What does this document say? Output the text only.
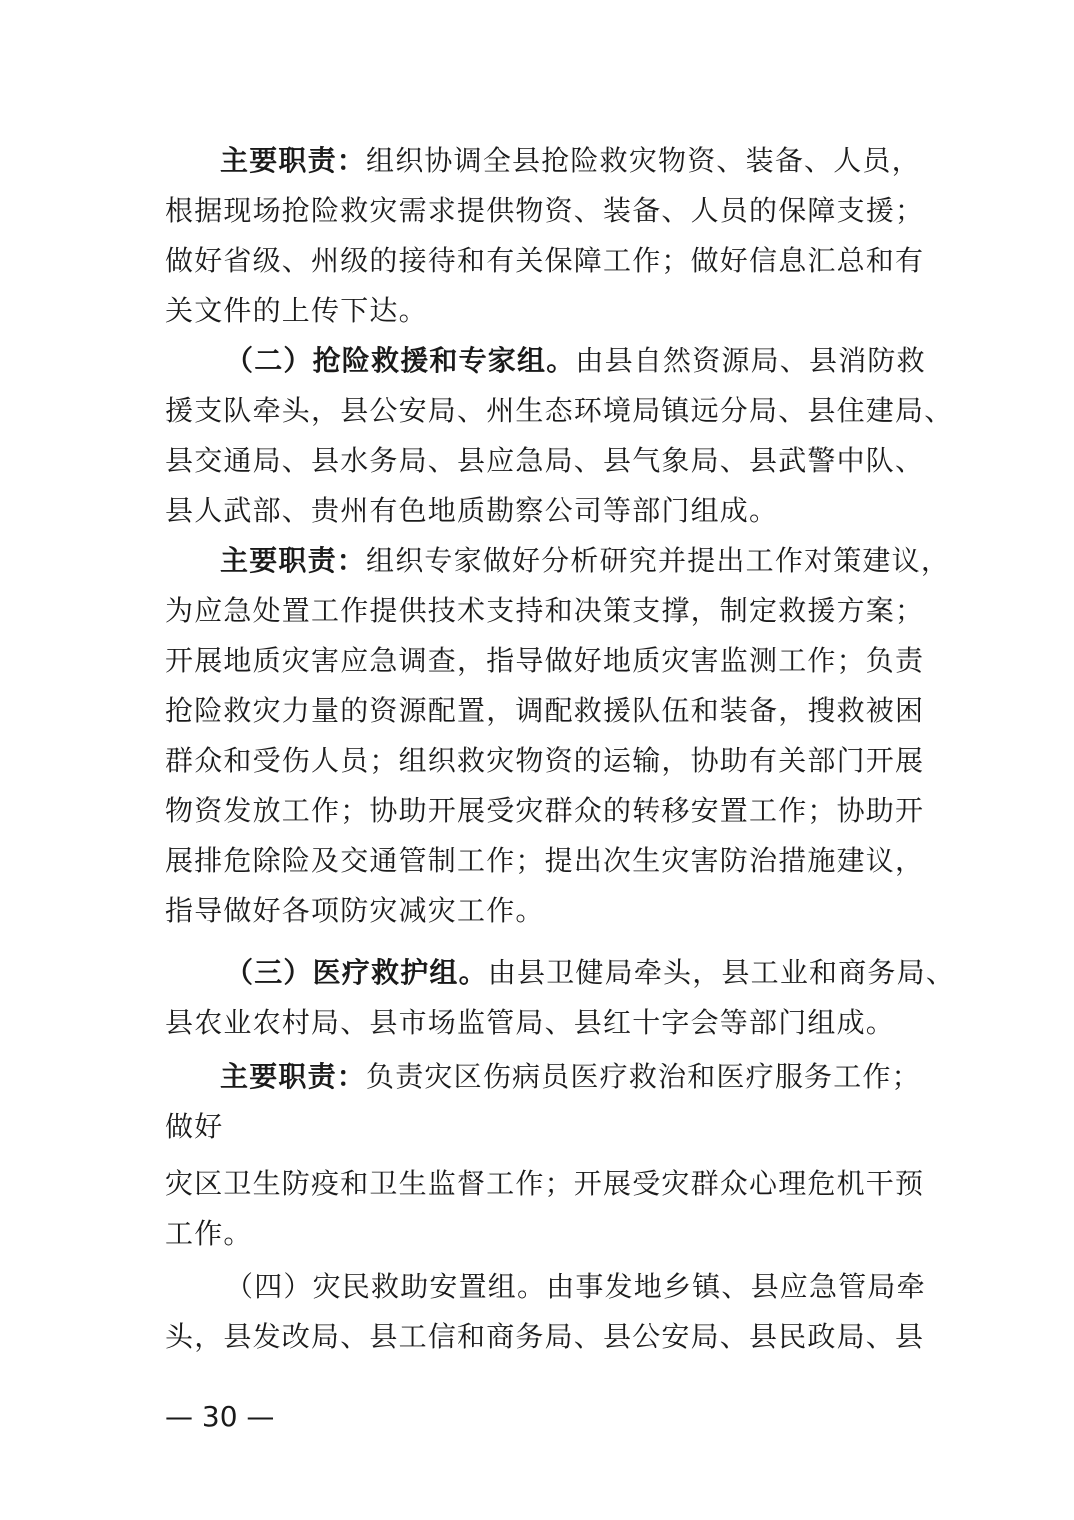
主要职责：组织协调全县抢险救灾物资、装备、人员，
根据现场抢险救灾需求提供物资、装备、人员的保障支援；
做好省级、州级的接待和有关保障工作；做好信息汇总和有
关文件的上传下达。
（二）抢险救援和专家组。由县自然资源局、县消防救
援支队牵头，县公安局、州生态环境局镇远分局、县住建局、
县交通局、县水务局、县应急局、县气象局、县武警中队、
县人武部、贵州有色地质勘察公司等部门组成。
主要职责：组织专家做好分析研究并提出工作对策建议，
为应急处置工作提供技术支持和决策支撑，制定救援方案；
开展地质灾害应急调查，指导做好地质灾害监测工作；负责
抢险救灾力量的资源配置，调配救援队伍和装备，搜救被困
群众和受伤人员；组织救灾物资的运输，协助有关部门开展
物资发放工作；协助开展受灾群众的转移安置工作；协助开
展排危除险及交通管制工作；提出次生灾害防治措施建议，
指导做好各项防灾减灾工作。
（三）医疗救护组。由县卫健局牵头，县工业和商务局、
县农业农村局、县市场监管局、县红十字会等部门组成。
主要职责：负责灾区伤病员医疗救治和医疗服务工作；
做好
灾区卫生防疫和卫生监督工作；开展受灾群众心理危机干预
工作。
（四）灾民救助安置组。由事发地乡镇、县应急管局牵
头，县发改局、县工信和商务局、县公安局、县民政局、县
— 30 —
